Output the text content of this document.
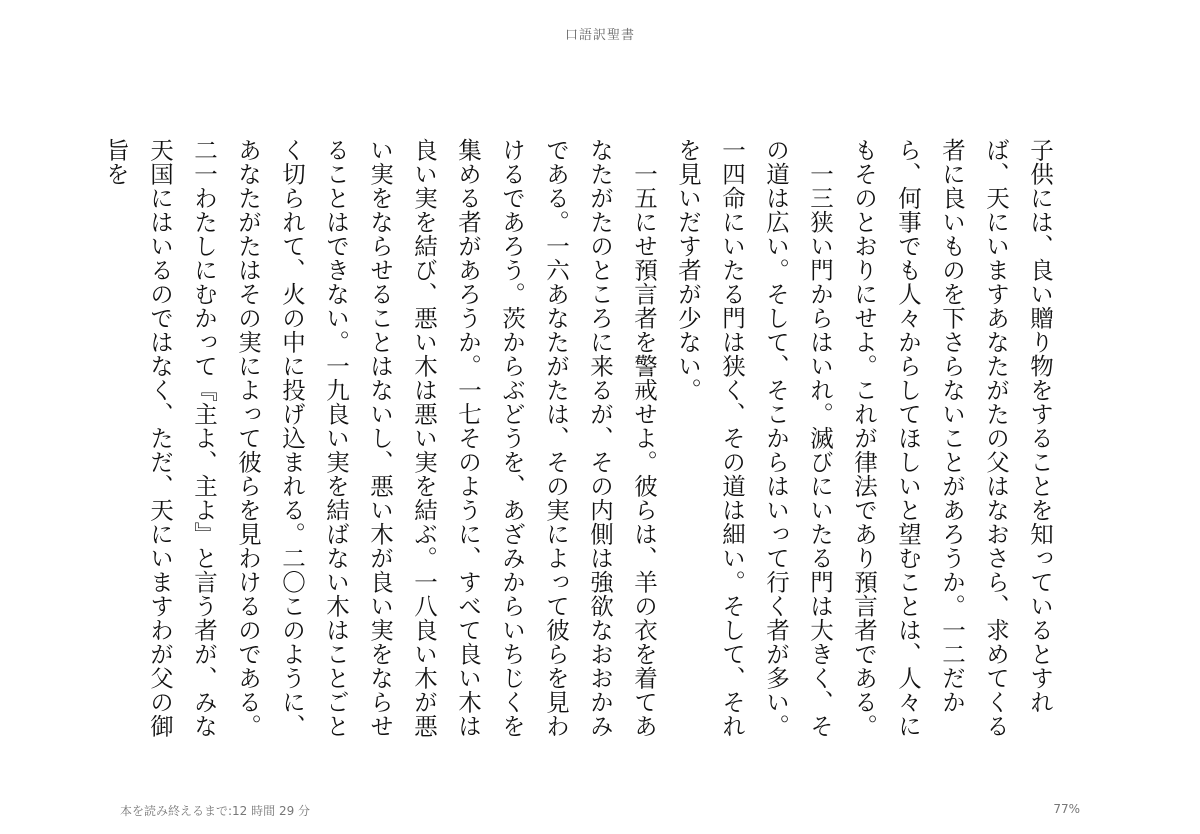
口語訳聖書

子供には、良い贈り物をすることを知っているとすれば、天にいますあなたがたの父はなおさら、求めてくる者に良いものを下さらないことがあろうか。一二だから、何事でも人々からしてほしいと望むことは、人々にもそのとおりにせよ。これが律法であり預言者である。

一三狭い門からはいれ。滅びにいたる門は大きく、その道は広い。そして、そこからはいって行く者が多い。一四命にいたる門は狭く、その道は細い。そして、それを見いだす者が少ない。

一五にせ預言者を警戒せよ。彼らは、羊の衣を着てあなたがたのところに来るが、その内側は強欲なおおかみである。一六あなたがたは、その実によって彼らを見わけるであろう。茨からぶどうを、あざみからいちじくを集める者があろうか。一七そのように、すべて良い木は良い実を結び、悪い木は悪い実を結ぶ。一八良い木が悪い実をならせることはないし、悪い木が良い実をならせることはできない。一九良い実を結ばない木はことごとく切られて、火の中に投げ込まれる。二〇このように、あなたがたはその実によって彼らを見わけるのである。二一わたしにむかって『主よ、主よ』と言う者が、みな天国にはいるのではなく、ただ、天にいますわが父の御旨を

本を読み終えるまで:12 時間 29 分	77%
